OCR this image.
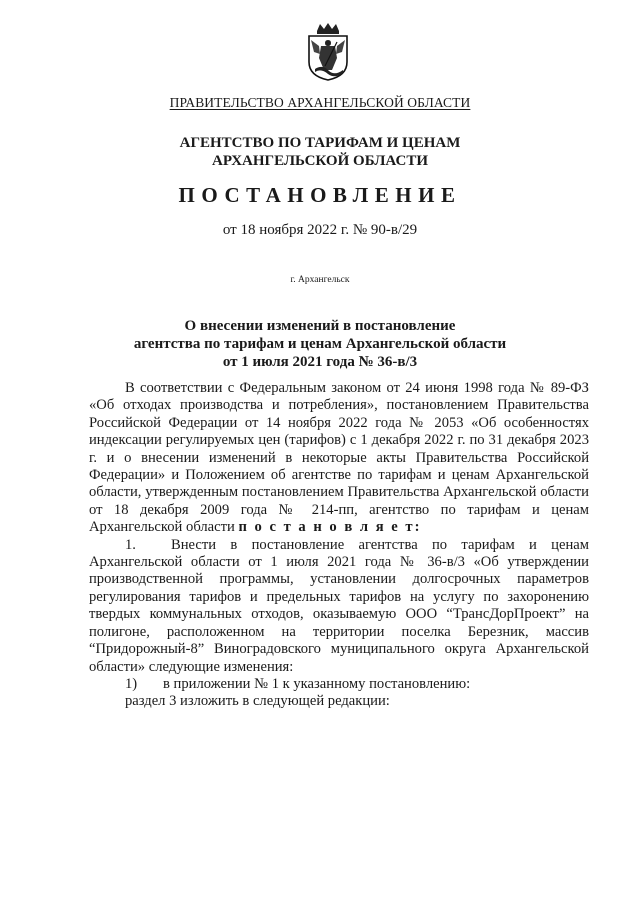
ПРАВИТЕЛЬСТВО АРХАНГЕЛЬСКОЙ ОБЛАСТИ
АГЕНТСТВО ПО ТАРИФАМ И ЦЕНАМ
АРХАНГЕЛЬСКОЙ ОБЛАСТИ
ПОСТАНОВЛЕНИЕ
от 18 ноября 2022 г. № 90-в/29
г. Архангельск
О внесении изменений в постановление
агентства по тарифам и ценам Архангельской области
от 1 июля 2021 года № 36-в/3

В соответствии с Федеральным законом от 24 июня 1998 года № 89-ФЗ «Об отходах производства и потребления», постановлением Правительства Российской Федерации от 14 ноября 2022 года № 2053 «Об особенностях индексации регулируемых цен (тарифов) с 1 декабря 2022 г. по 31 декабря 2023 г. и о внесении изменений в некоторые акты Правительства Российской Федерации» и Положением об агентстве по тарифам и ценам Архангельской области, утвержденным постановлением Правительства Архангельской области от 18 декабря 2009 года № 214-пп, агентство по тарифам и ценам Архангельской области п о с т а н о в л я е т:

1. Внести в постановление агентства по тарифам и ценам Архангельской области от 1 июля 2021 года № 36-в/3 «Об утверждении производственной программы, установлении долгосрочных параметров регулирования тарифов и предельных тарифов на услугу по захоронению твердых коммунальных отходов, оказываемую ООО “ТрансДорПроект” на полигоне, расположенном на территории поселка Березник, массив “Придорожный-8” Виноградовского муниципального округа Архангельской области» следующие изменения:

1) в приложении № 1 к указанному постановлению:

раздел 3 изложить в следующей редакции:
